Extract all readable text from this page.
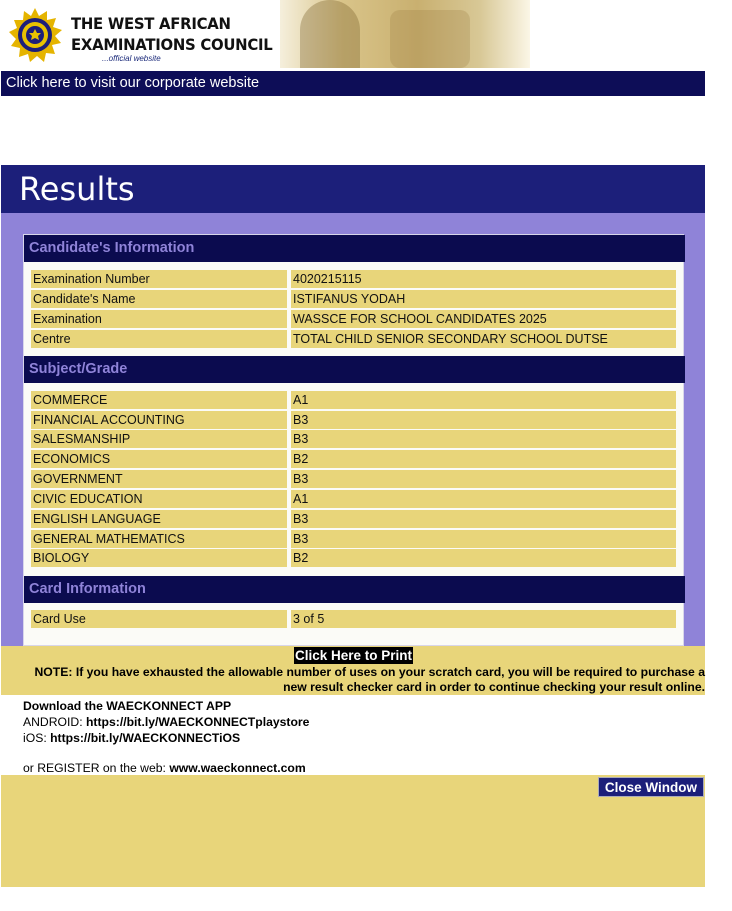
THE WEST AFRICAN
EXAMINATIONS COUNCIL
...official website
Click here to visit our corporate website
Results
Candidate's Information
Examination Number	4020215115
Candidate's Name	ISTIFANUS YODAH
Examination	WASSCE FOR SCHOOL CANDIDATES 2025
Centre	TOTAL CHILD SENIOR SECONDARY SCHOOL DUTSE
Subject/Grade
COMMERCE	A1
FINANCIAL ACCOUNTING	B3
SALESMANSHIP	B3
ECONOMICS	B2
GOVERNMENT	B3
CIVIC EDUCATION	A1
ENGLISH LANGUAGE	B3
GENERAL MATHEMATICS	B3
BIOLOGY	B2
Card Information
Card Use	3 of 5
Click Here to Print
NOTE: If you have exhausted the allowable number of uses on your scratch card, you will be required to purchase a
new result checker card in order to continue checking your result online.
Download the WAECKONNECT APP
ANDROID: https://bit.ly/WAECKONNECTplaystore
iOS: https://bit.ly/WAECKONNECTiOS
or REGISTER on the web: www.waeckonnect.com
Close Window
